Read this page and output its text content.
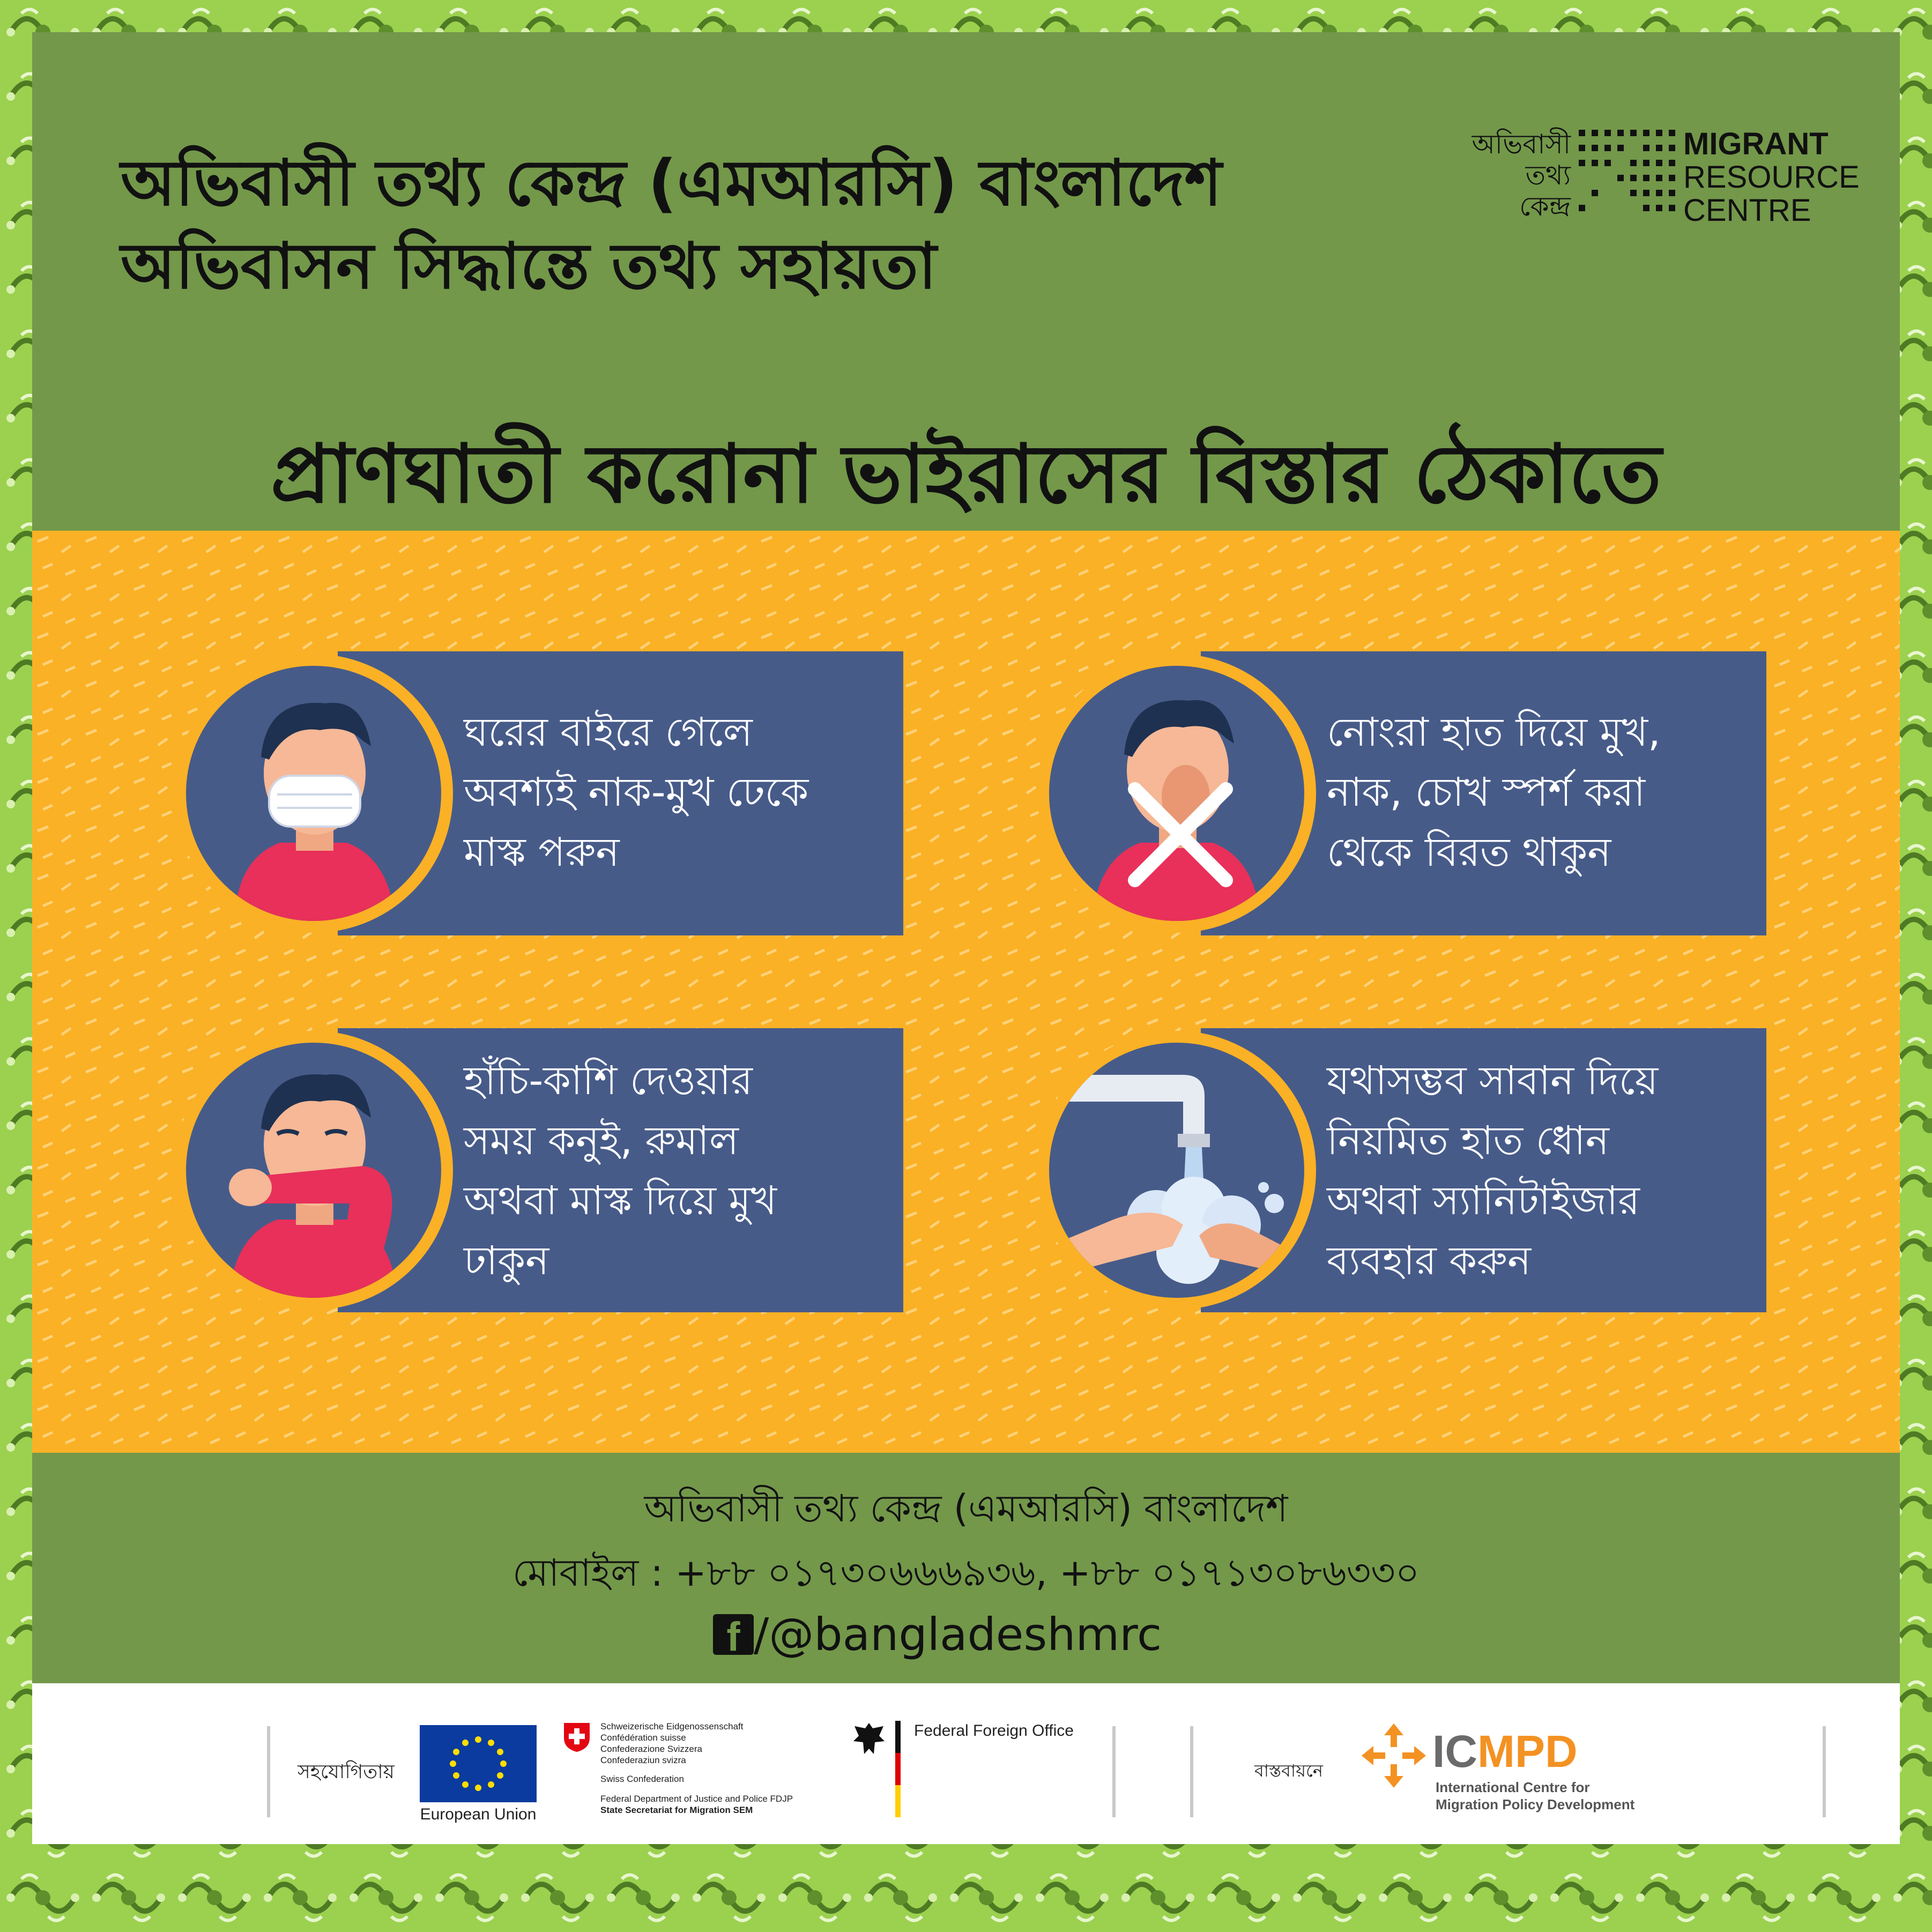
অভিবাসী তথ্য কেন্দ্র (এমআরসি) বাংলাদেশ
অভিবাসন সিদ্ধান্তে তথ্য সহায়তা
অভিবাসী
তথ্য
কেন্দ্র
MIGRANT
RESOURCE
CENTRE
প্রাণঘাতী করোনা ভাইরাসের বিস্তার ঠেকাতে
ঘরের বাইরে গেলে
অবশ্যই নাক-মুখ ঢেকে
মাস্ক পরুন
নোংরা হাত দিয়ে মুখ,
নাক, চোখ স্পর্শ করা
থেকে বিরত থাকুন
হাঁচি-কাশি দেওয়ার
সময় কনুই, রুমাল
অথবা মাস্ক দিয়ে মুখ
ঢাকুন
যথাসম্ভব সাবান দিয়ে
নিয়মিত হাত ধোন
অথবা স্যানিটাইজার
ব্যবহার করুন
অভিবাসী তথ্য কেন্দ্র (এমআরসি) বাংলাদেশ
মোবাইল : +৮৮ ০১৭৩০৬৬৬৯৩৬, +৮৮ ০১৭১৩০৮৬৩৩০
f /@bangladeshmrc
সহযোগিতায়
European Union
Schweizerische Eidgenossenschaft
Confédération suisse
Confederazione Svizzera
Confederaziun svizra
Swiss Confederation
Federal Department of Justice and Police FDJP
State Secretariat for Migration SEM
Federal Foreign Office
বাস্তবায়নে ICMPD
International Centre for
Migration Policy Development
